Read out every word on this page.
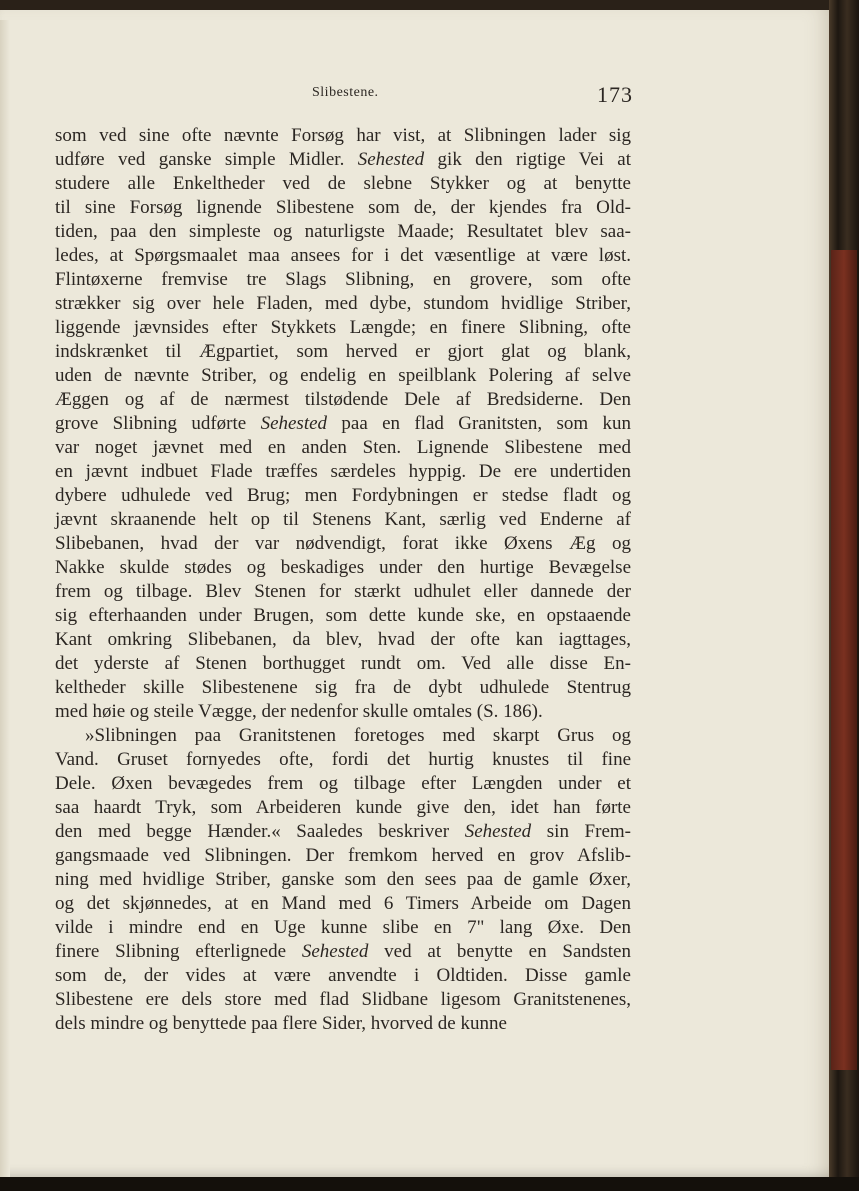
Slibestene.	173
som ved sine ofte nævnte Forsøg har vist, at Slibningen lader sig
udføre ved ganske simple Midler. Sehested gik den rigtige Vei at
studere alle Enkeltheder ved de slebne Stykker og at benytte
til sine Forsøg lignende Slibestene som de, der kjendes fra Old-
tiden, paa den simpleste og naturligste Maade; Resultatet blev saa-
ledes, at Spørgsmaalet maa ansees for i det væsentlige at være løst.
Flintøxerne fremvise tre Slags Slibning, en grovere, som ofte
strækker sig over hele Fladen, med dybe, stundom hvidlige Striber,
liggende jævnsides efter Stykkets Længde; en finere Slibning, ofte
indskrænket til Ægpartiet, som herved er gjort glat og blank,
uden de nævnte Striber, og endelig en speilblank Polering af selve
Æggen og af de nærmest tilstødende Dele af Bredsiderne. Den
grove Slibning udførte Sehested paa en flad Granitsten, som kun
var noget jævnet med en anden Sten. Lignende Slibestene med
en jævnt indbuet Flade træffes særdeles hyppig. De ere undertiden
dybere udhulede ved Brug; men Fordybningen er stedse fladt og
jævnt skraanende helt op til Stenens Kant, særlig ved Enderne af
Slibebanen, hvad der var nødvendigt, forat ikke Øxens Æg og
Nakke skulde stødes og beskadiges under den hurtige Bevægelse
frem og tilbage. Blev Stenen for stærkt udhulet eller dannede der
sig efterhaanden under Brugen, som dette kunde ske, en opstaaende
Kant omkring Slibebanen, da blev, hvad der ofte kan iagttages,
det yderste af Stenen borthugget rundt om. Ved alle disse En-
keltheder skille Slibestenene sig fra de dybt udhulede Stentrug
med høie og steile Vægge, der nedenfor skulle omtales (S. 186).
»Slibningen paa Granitstenen foretoges med skarpt Grus og
Vand. Gruset fornyedes ofte, fordi det hurtig knustes til fine
Dele. Øxen bevægedes frem og tilbage efter Længden under et
saa haardt Tryk, som Arbeideren kunde give den, idet han førte
den med begge Hænder.« Saaledes beskriver Sehested sin Frem-
gangsmaade ved Slibningen. Der fremkom herved en grov Afslib-
ning med hvidlige Striber, ganske som den sees paa de gamle Øxer,
og det skjønnedes, at en Mand med 6 Timers Arbeide om Dagen
vilde i mindre end en Uge kunne slibe en 7" lang Øxe. Den
finere Slibning efterlignede Sehested ved at benytte en Sandsten
som de, der vides at være anvendte i Oldtiden. Disse gamle
Slibestene ere dels store med flad Slidbane ligesom Granitstenenes,
dels mindre og benyttede paa flere Sider, hvorved de kunne
